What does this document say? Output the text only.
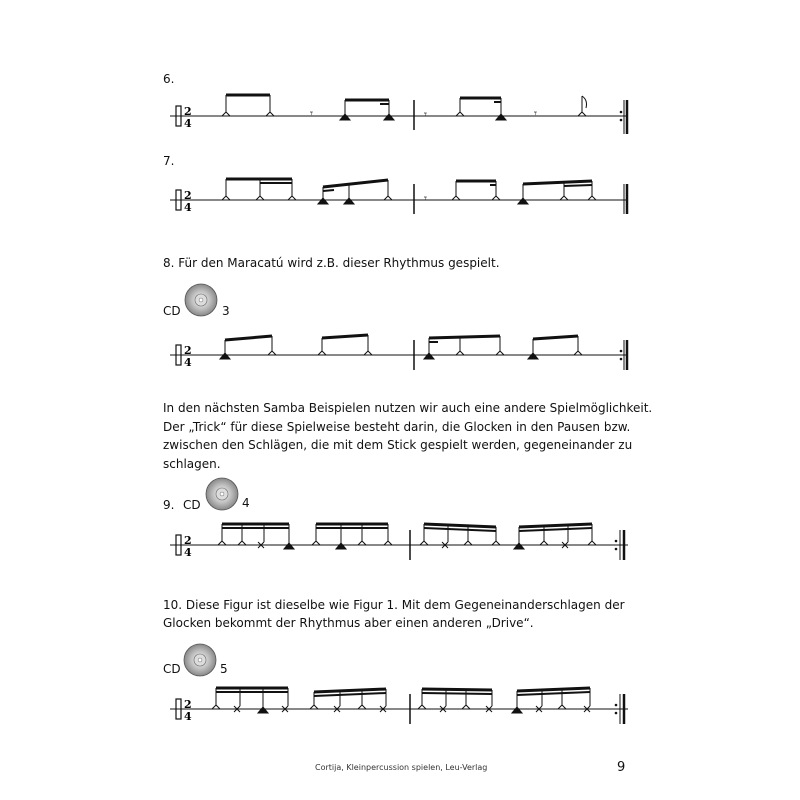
6.
2
4
𝄾	𝄾	𝄾
7.
2
4
𝄾
8. Für den Maracatú wird z.B. dieser Rhythmus gespielt.
CD	3
2
4
In den nächsten Samba Beispielen nutzen wir auch eine andere Spielmöglichkeit.
Der „Trick“ für diese Spielweise besteht darin, die Glocken in den Pausen bzw.
zwischen den Schlägen, die mit dem Stick gespielt werden, gegeneinander zu
schlagen.
9. CD	4
2
4
10. Diese Figur ist dieselbe wie Figur 1. Mit dem Gegeneinanderschlagen der
Glocken bekommt der Rhythmus aber einen anderen „Drive“.
CD	5
2
4
Cortija, Kleinpercussion spielen, Leu-Verlag	9
